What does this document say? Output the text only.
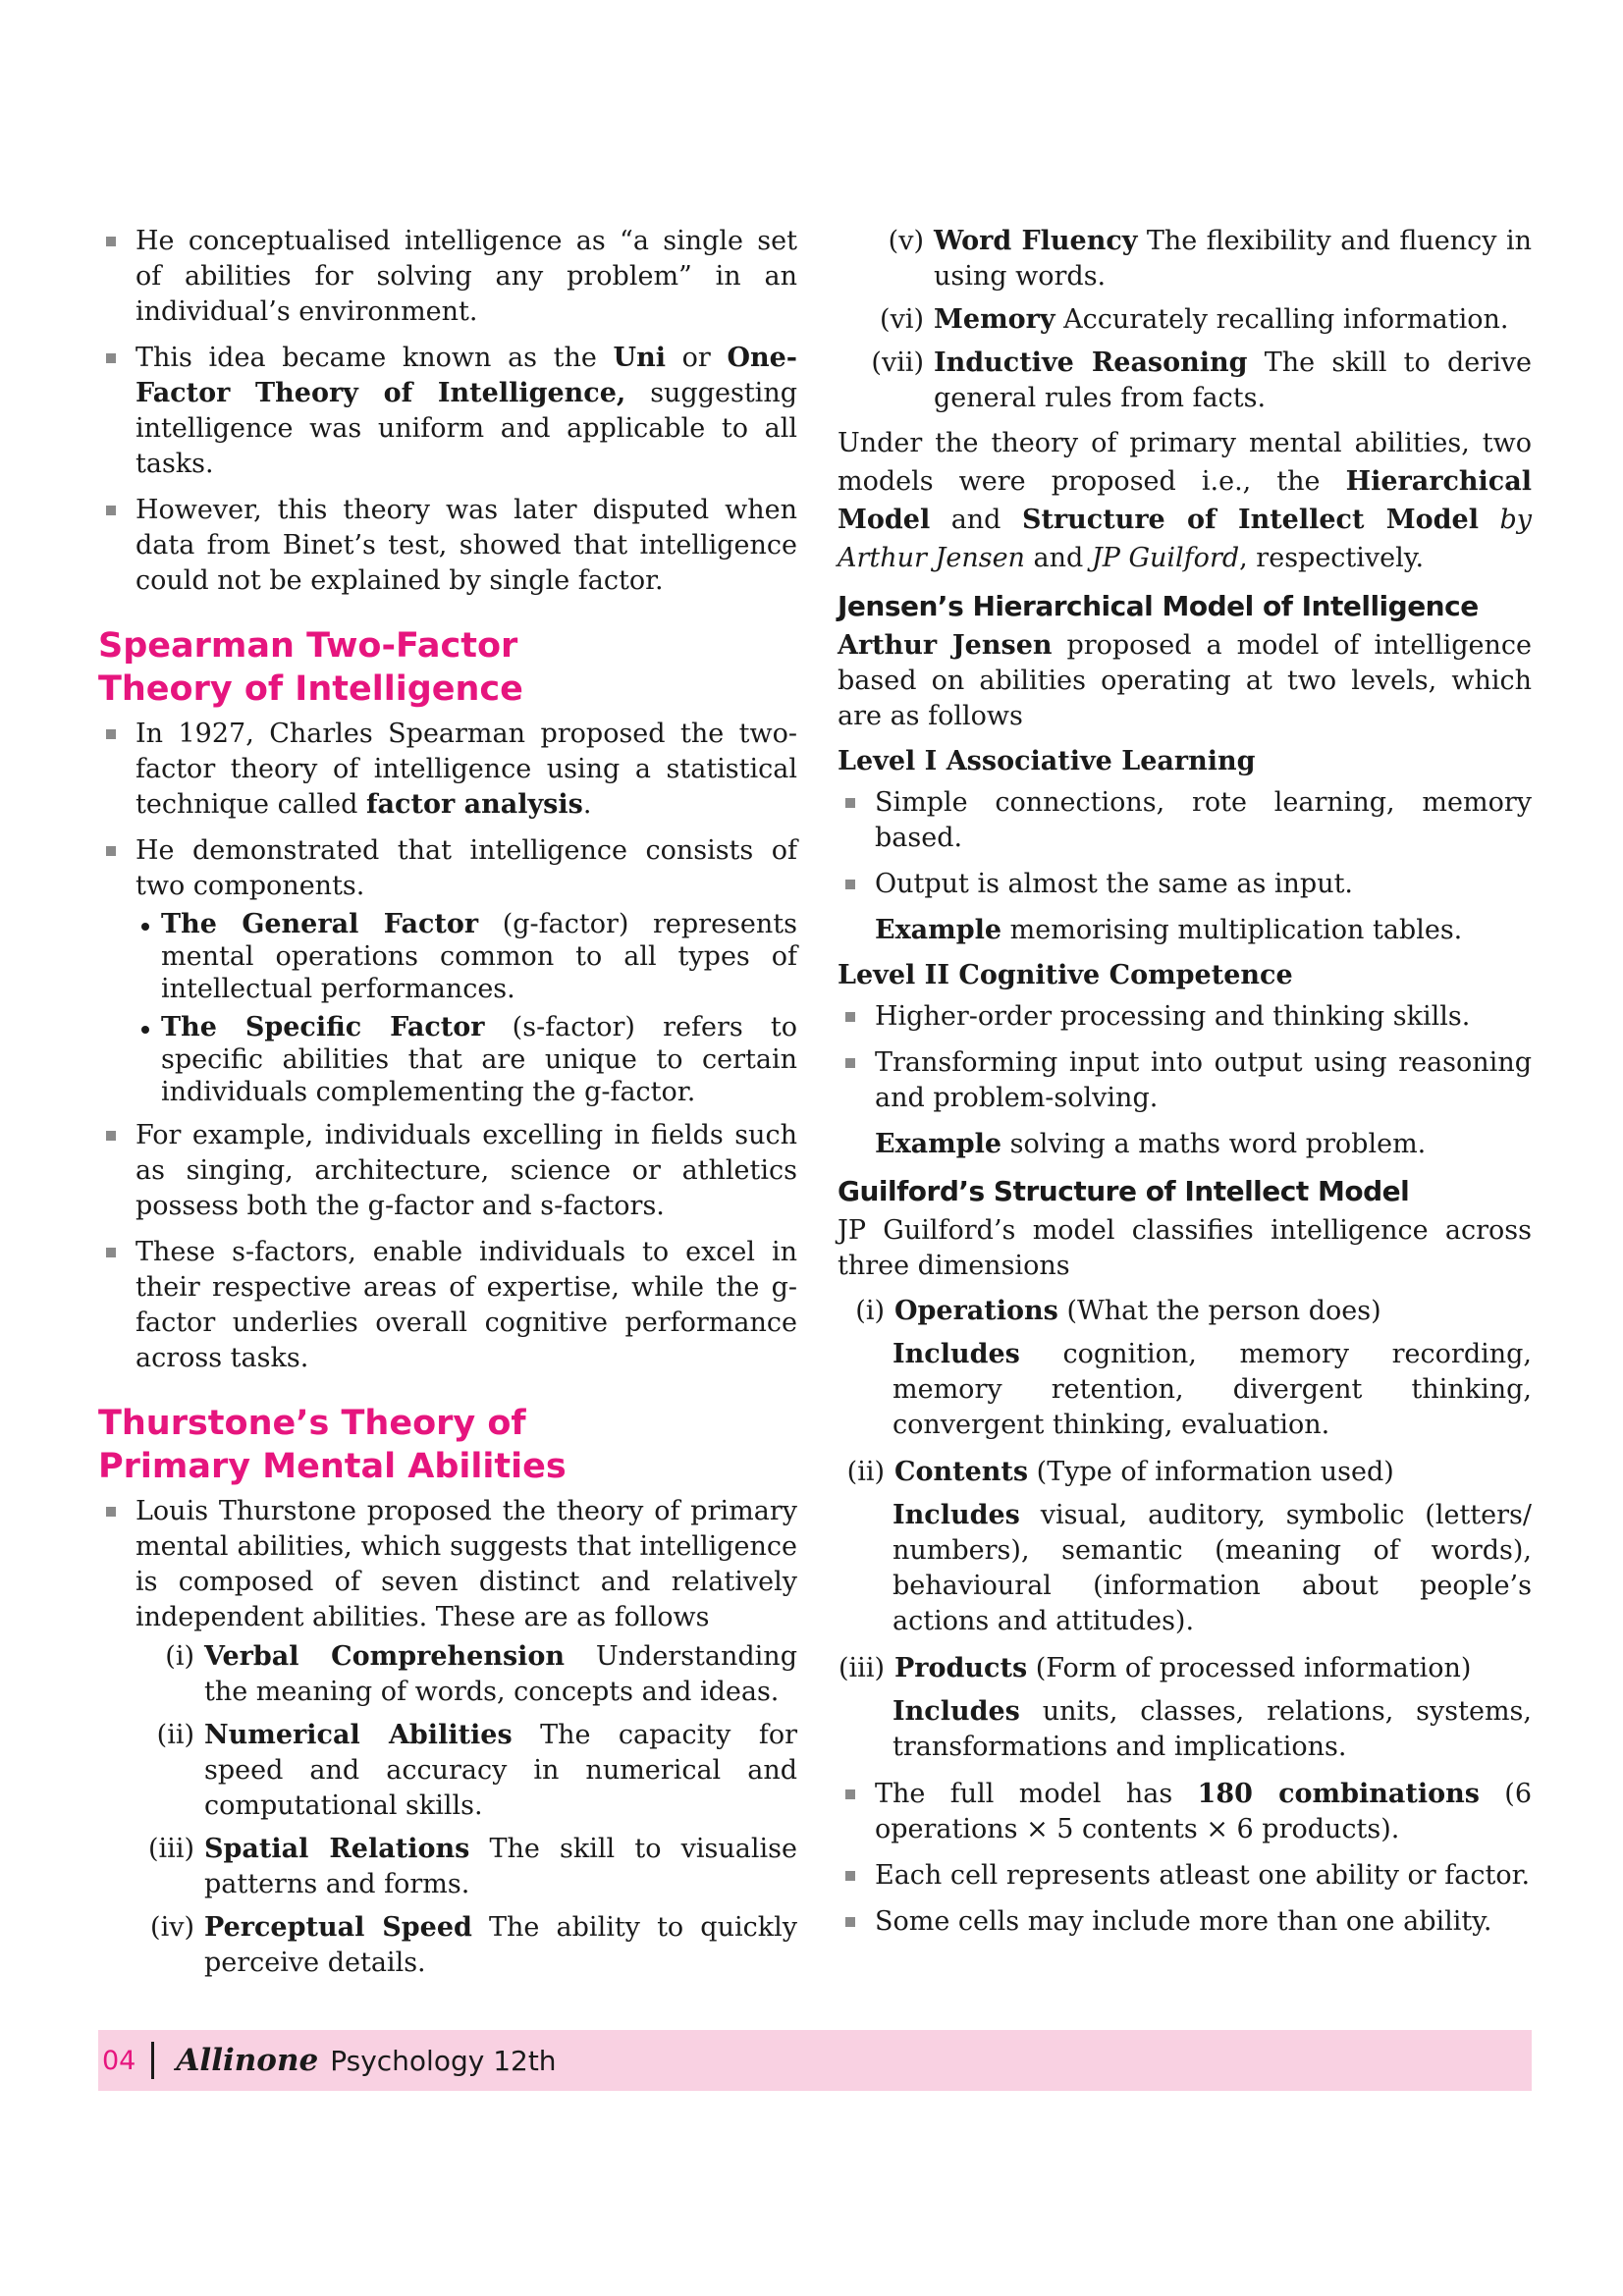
He conceptualised intelligence as “a single set of abilities for solving any problem” in an individual’s environment.
This idea became known as the Uni or One-Factor Theory of Intelligence, suggesting intelligence was uniform and applicable to all tasks.
However, this theory was later disputed when data from Binet’s test, showed that intelligence could not be explained by single factor.
Spearman Two-Factor Theory of Intelligence
In 1927, Charles Spearman proposed the two-factor theory of intelligence using a statistical technique called factor analysis.
He demonstrated that intelligence consists of two components.
The General Factor (g-factor) represents mental operations common to all types of intellectual performances.
The Specific Factor (s-factor) refers to specific abilities that are unique to certain individuals complementing the g-factor.
For example, individuals excelling in fields such as singing, architecture, science or athletics possess both the g-factor and s-factors.
These s-factors, enable individuals to excel in their respective areas of expertise, while the g-factor underlies overall cognitive performance across tasks.
Thurstone’s Theory of Primary Mental Abilities
Louis Thurstone proposed the theory of primary mental abilities, which suggests that intelligence is composed of seven distinct and relatively independent abilities. These are as follows
(i) Verbal Comprehension Understanding the meaning of words, concepts and ideas.
(ii) Numerical Abilities The capacity for speed and accuracy in numerical and computational skills.
(iii) Spatial Relations The skill to visualise patterns and forms.
(iv) Perceptual Speed The ability to quickly perceive details.
(v) Word Fluency The flexibility and fluency in using words.
(vi) Memory Accurately recalling information.
(vii) Inductive Reasoning The skill to derive general rules from facts.

Under the theory of primary mental abilities, two models were proposed i.e., the Hierarchical Model and Structure of Intellect Model by Arthur Jensen and JP Guilford, respectively.

Jensen’s Hierarchical Model of Intelligence

Arthur Jensen proposed a model of intelligence based on abilities operating at two levels, which are as follows

Level I Associative Learning
Simple connections, rote learning, memory based.
Output is almost the same as input.

Example memorising multiplication tables.

Level II Cognitive Competence
Higher-order processing and thinking skills.
Transforming input into output using reasoning and problem-solving.

Example solving a maths word problem.

Guilford’s Structure of Intellect Model

JP Guilford’s model classifies intelligence across three dimensions

(i) Operations (What the person does)

Includes cognition, memory recording, memory retention, divergent thinking, convergent thinking, evaluation.

(ii) Contents (Type of information used)

Includes visual, auditory, symbolic (letters/ numbers), semantic (meaning of words), behavioural (information about people’s actions and attitudes).

(iii) Products (Form of processed information)

Includes units, classes, relations, systems, transformations and implications.

The full model has 180 combinations (6 operations × 5 contents × 6 products).
Each cell represents atleast one ability or factor.
Some cells may include more than one ability.
04 Allinone Psychology 12th
